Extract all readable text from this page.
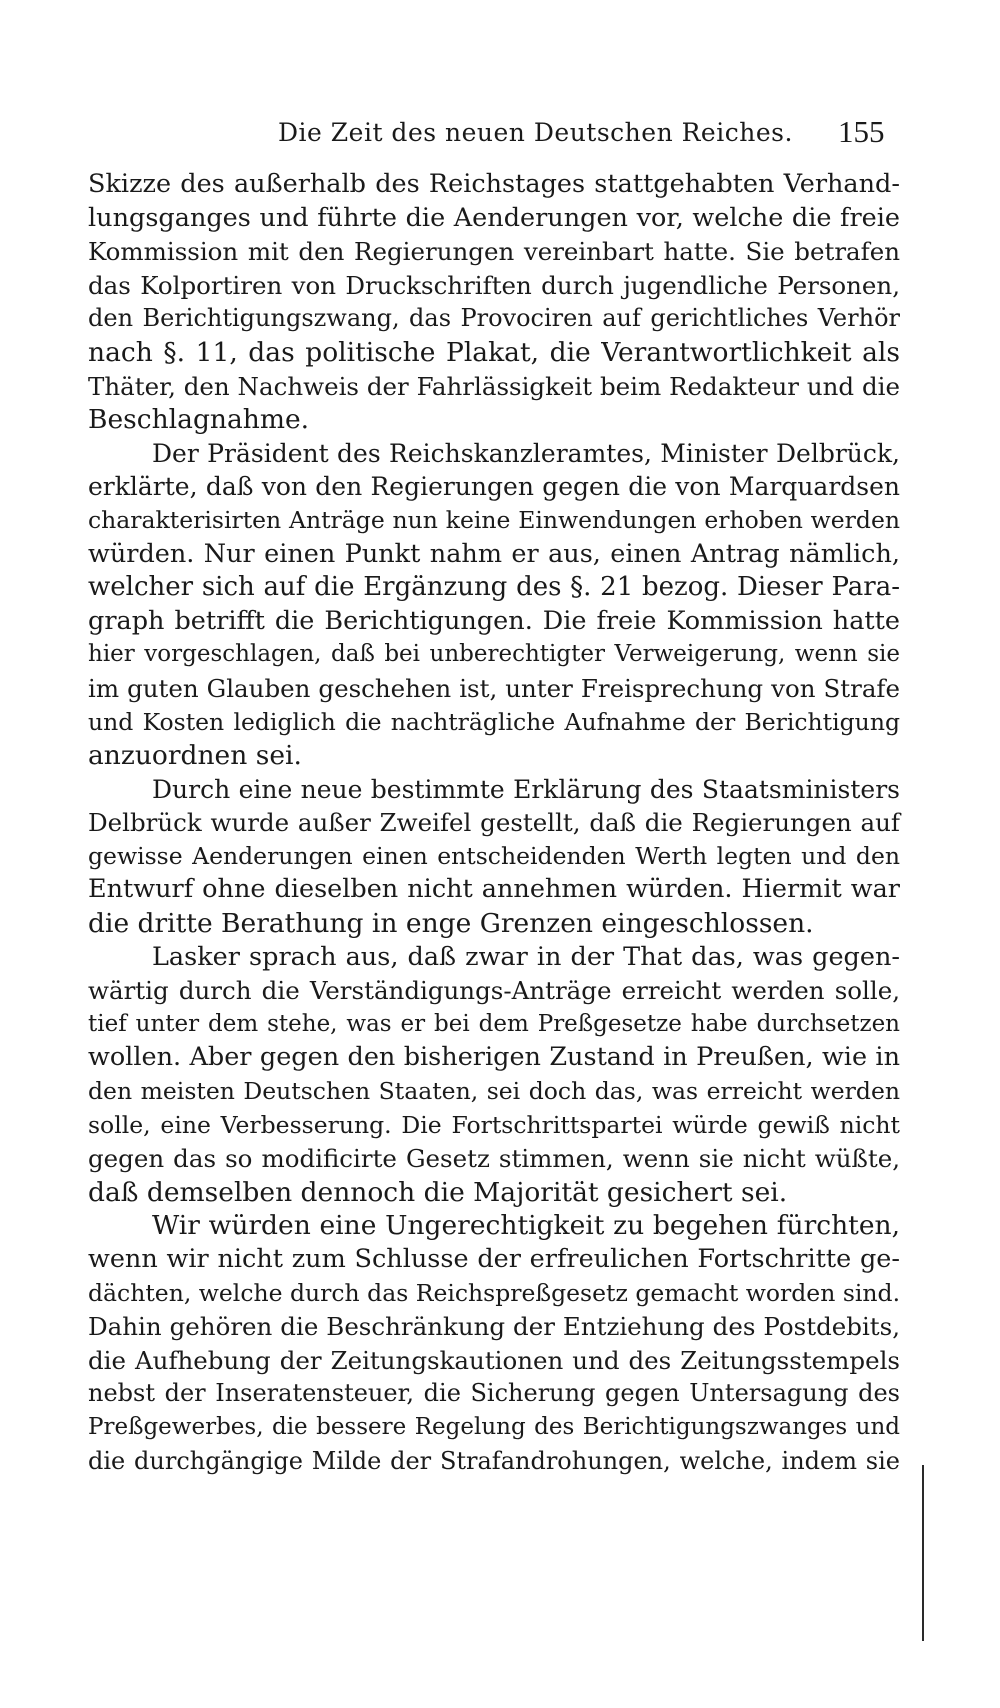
Die Zeit des neuen Deutschen Reiches. 155

Skizze des außerhalb des Reichstages stattgehabten Verhand-
lungsganges und führte die Aenderungen vor, welche die freie
Kommission mit den Regierungen vereinbart hatte. Sie betrafen
das Kolportiren von Druckschriften durch jugendliche Personen,
den Berichtigungszwang, das Provociren auf gerichtliches Verhör
nach §. 11, das politische Plakat, die Verantwortlichkeit als
Thäter, den Nachweis der Fahrlässigkeit beim Redakteur und die
Beschlagnahme.

Der Präsident des Reichskanzleramtes, Minister Delbrück,
erklärte, daß von den Regierungen gegen die von Marquardsen
charakterisirten Anträge nun keine Einwendungen erhoben werden
würden. Nur einen Punkt nahm er aus, einen Antrag nämlich,
welcher sich auf die Ergänzung des §. 21 bezog. Dieser Para-
graph betrifft die Berichtigungen. Die freie Kommission hatte
hier vorgeschlagen, daß bei unberechtigter Verweigerung, wenn sie
im guten Glauben geschehen ist, unter Freisprechung von Strafe
und Kosten lediglich die nachträgliche Aufnahme der Berichtigung
anzuordnen sei.

Durch eine neue bestimmte Erklärung des Staatsministers
Delbrück wurde außer Zweifel gestellt, daß die Regierungen auf
gewisse Aenderungen einen entscheidenden Werth legten und den
Entwurf ohne dieselben nicht annehmen würden. Hiermit war
die dritte Berathung in enge Grenzen eingeschlossen.

Lasker sprach aus, daß zwar in der That das, was gegen-
wärtig durch die Verständigungs-Anträge erreicht werden solle,
tief unter dem stehe, was er bei dem Preßgesetze habe durchsetzen
wollen. Aber gegen den bisherigen Zustand in Preußen, wie in
den meisten Deutschen Staaten, sei doch das, was erreicht werden
solle, eine Verbesserung. Die Fortschrittspartei würde gewiß nicht
gegen das so modificirte Gesetz stimmen, wenn sie nicht wüßte,
daß demselben dennoch die Majorität gesichert sei.

Wir würden eine Ungerechtigkeit zu begehen fürchten,
wenn wir nicht zum Schlusse der erfreulichen Fortschritte ge-
dächten, welche durch das Reichspreßgesetz gemacht worden sind.
Dahin gehören die Beschränkung der Entziehung des Postdebits,
die Aufhebung der Zeitungskautionen und des Zeitungsstempels
nebst der Inseratensteuer, die Sicherung gegen Untersagung des
Preßgewerbes, die bessere Regelung des Berichtigungszwanges und
die durchgängige Milde der Strafandrohungen, welche, indem sie
